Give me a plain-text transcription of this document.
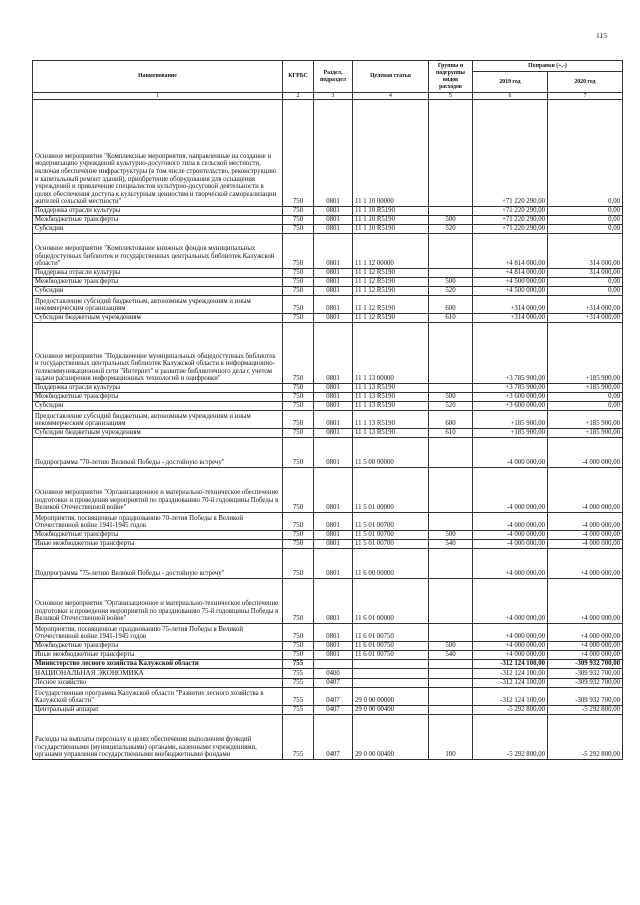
115
Наименование	КГРБС	Раздел, подраздел	Целевая статья	Группы и подгруппы видов расходов	Поправки (+,-)	
					2019 год	2020 год
1	2	3	4	5	6	7
Основное мероприятие "Комплексные мероприятия, направленные на создание и модернизацию учреждений культурно-досугового типа в сельской местности, включая обеспечение инфраструктуры (в том числе строительство, реконструкцию и капитальный ремонт зданий), приобретение оборудования для оснащения учреждений и привлечение специалистов культурно-досуговой деятельности в целях обеспечения доступа к культурным ценностям и творческой самореализации жителей сельской местности"	750	0801	11 1 10 00000		+71 220 290,00	0,00
Поддержка отрасли культуры	750	0801	11 1 10 R5190		+71 220 290,00	0,00
Межбюджетные трансферты	750	0801	11 1 10 R5190	500	+71 220 290,00	0,00
Субсидии	750	0801	11 1 10 R5190	520	+71 220 290,00	0,00
Основное мероприятие "Комплектование книжных фондов муниципальных общедоступных библиотек и государственных центральных библиотек Калужской области"	750	0801	11 1 12 00000		+4 814 000,00	314 000,00
Поддержка отрасли культуры	750	0801	11 1 12 R5190		+4 814 000,00	314 000,00
Межбюджетные трансферты	750	0801	11 1 12 R5190	500	+4 500 000,00	0,00
Субсидии	750	0801	11 1 12 R5190	520	+4 500 000,00	0,00
Предоставление субсидий бюджетным, автономным учреждениям и иным некоммерческим организациям	750	0801	11 1 12 R5190	600	+314 000,00	+314 000,00
Субсидии бюджетным учреждениям	750	0801	11 1 12 R5190	610	+314 000,00	+314 000,00
Основное мероприятие "Подключение муниципальных общедоступных библиотек и государственных центральных библиотек Калужской области к информационно-телекоммуникационной сети "Интернет" и развитие библиотечного дела с учетом задачи расширения информационных технологий и оцифровки"	750	0801	11 1 13 00000		+3 785 900,00	+185 900,00
Поддержка отрасли культуры	750	0801	11 1 13 R5190		+3 785 900,00	+185 900,00
Межбюджетные трансферты	750	0801	11 1 13 R5190	500	+3 600 000,00	0,00
Субсидии	750	0801	11 1 13 R5190	520	+3 600 000,00	0,00
Предоставление субсидий бюджетным, автономным учреждениям и иным некоммерческим организациям	750	0801	11 1 13 R5190	600	+185 900,00	+185 900,00
Субсидии бюджетным учреждениям	750	0801	11 1 13 R5190	610	+185 900,00	+185 900,00
Подпрограмма "70-летию Великой Победы - достойную встречу"	750	0801	11 5 00 00000		-4 000 000,00	-4 000 000,00
Основное мероприятие "Организационное и материально-техническое обеспечение подготовки и проведения мероприятий по празднованию 70-й годовщины Победы в Великой Отечественной войне"	750	0801	11 5 01 00000		-4 000 000,00	-4 000 000,00
Мероприятия, посвященные празднованию 70-летия Победы в Великой Отечественной войне 1941-1945 годов	750	0801	11 5 01 00700		-4 000 000,00	-4 000 000,00
Межбюджетные трансферты	750	0801	11 5 01 00700	500	-4 000 000,00	-4 000 000,00
Иные межбюджетные трансферты	750	0801	11 5 01 00700	540	-4 000 000,00	-4 000 000,00
Подпрограмма "75-летию Великой Победы - достойную встречу"	750	0801	11 6 00 00000		+4 000 000,00	+4 000 000,00
Основное мероприятие "Организационное и материально-техническое обеспечение подготовки и проведения мероприятий по празднованию 75-й годовщины Победы в Великой Отечественной войне"	750	0801	11 6 01 00000		+4 000 000,00	+4 000 000,00
Мероприятия, посвященные празднованию 75-летия Победы в Великой Отечественной войне 1941-1945 годов	750	0801	11 6 01 00750		+4 000 000,00	+4 000 000,00
Межбюджетные трансферты	750	0801	11 6 01 00750	500	+4 000 000,00	+4 000 000,00
Иные межбюджетные трансферты	750	0801	11 6 01 00750	540	+4 000 000,00	+4 000 000,00
Министерство лесного хозяйства Калужской области	755				-312 124 100,00	-309 932 700,00
НАЦИОНАЛЬНАЯ ЭКОНОМИКА	755	0400			-312 124 100,00	-309 932 700,00
Лесное хозяйство	755	0407			-312 124 100,00	-309 932 700,00
Государственная программа Калужской области "Развитие лесного хозяйства в Калужской области"	755	0407	29 0 00 00000		-312 124 100,00	-309 932 700,00
Центральный аппарат	755	0407	29 0 00 00400		-5 292 800,00	-5 292 800,00
Расходы на выплаты персоналу в целях обеспечения выполнения функций государственными (муниципальными) органами, казенными учреждениями, органами управления государственными внебюджетными фондами	755	0407	29 0 00 00400	100	-5 292 800,00	-5 292 800,00
